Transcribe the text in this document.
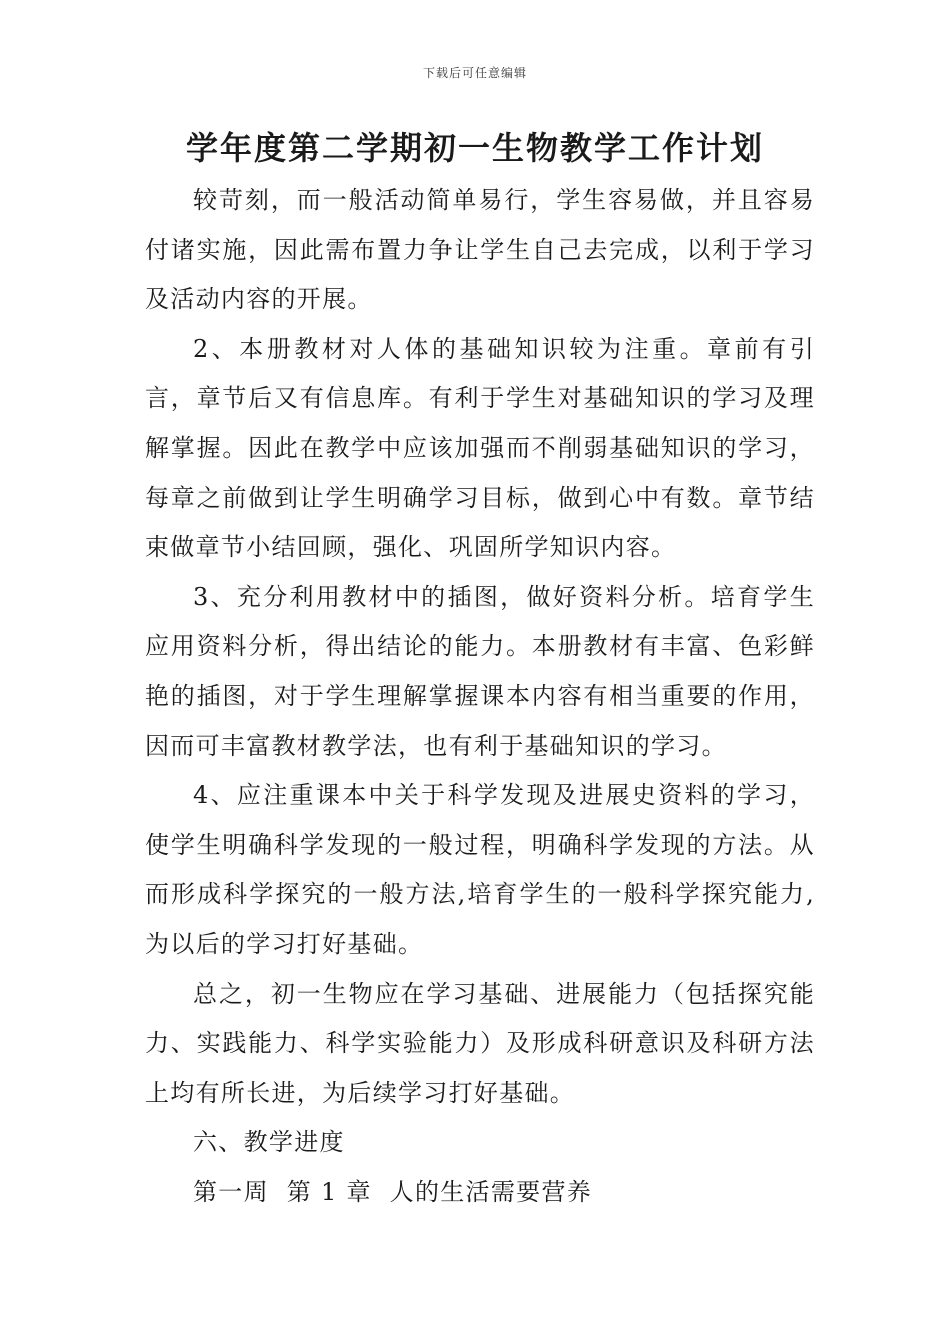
下载后可任意编辑
学年度第二学期初一生物教学工作计划

较苛刻，而一般活动简单易行，学生容易做，并且容易付诸实施，因此需布置力争让学生自己去完成，以利于学习及活动内容的开展。

2、本册教材对人体的基础知识较为注重。章前有引言，章节后又有信息库。有利于学生对基础知识的学习及理解掌握。因此在教学中应该加强而不削弱基础知识的学习，每章之前做到让学生明确学习目标，做到心中有数。章节结束做章节小结回顾，强化、巩固所学知识内容。

3、充分利用教材中的插图，做好资料分析。培育学生应用资料分析，得出结论的能力。本册教材有丰富、色彩鲜艳的插图，对于学生理解掌握课本内容有相当重要的作用，因而可丰富教材教学法，也有利于基础知识的学习。

4、应注重课本中关于科学发现及进展史资料的学习，使学生明确科学发现的一般过程，明确科学发现的方法。从而形成科学探究的一般方法,培育学生的一般科学探究能力,为以后的学习打好基础。

总之，初一生物应在学习基础、进展能力（包括探究能力、实践能力、科学实验能力）及形成科研意识及科研方法上均有所长进，为后续学习打好基础。

六、教学进度

第一周  第 1 章  人的生活需要营养
